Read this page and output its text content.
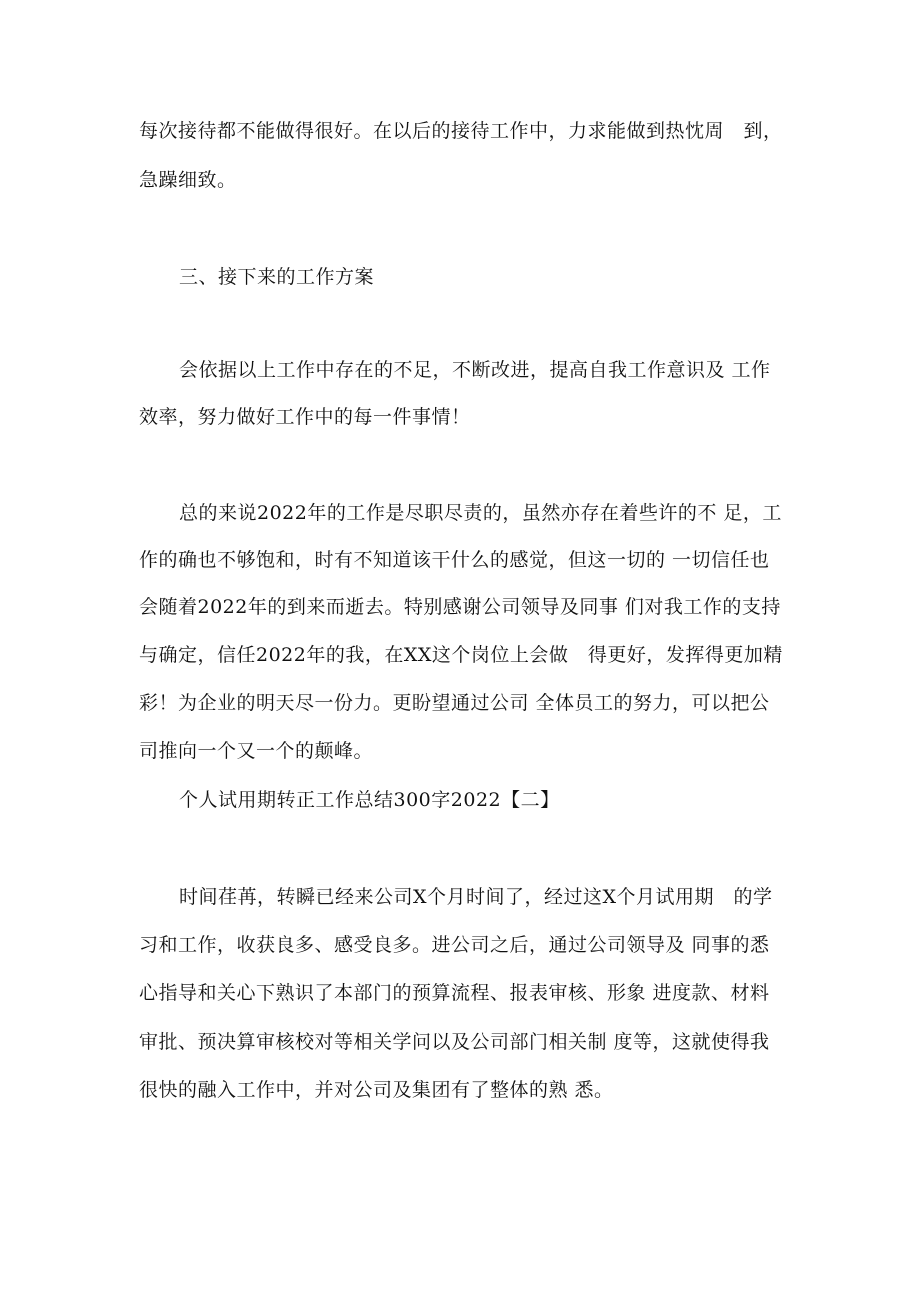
每次接待都不能做得很好。在以后的接待工作中，力求能做到热忱周　到，
急躁细致。
三、接下来的工作方案
会依据以上工作中存在的不足，不断改进，提高自我工作意识及 工作
效率，努力做好工作中的每一件事情！
总的来说2022年的工作是尽职尽责的，虽然亦存在着些许的不 足，工
作的确也不够饱和，时有不知道该干什么的感觉，但这一切的 一切信任也
会随着2022年的到来而逝去。特别感谢公司领导及同事 们对我工作的支持
与确定，信任2022年的我，在XX这个岗位上会做　得更好，发挥得更加精
彩！为企业的明天尽一份力。更盼望通过公司 全体员工的努力，可以把公
司推向一个又一个的颠峰。
个人试用期转正工作总结300字2022【二】
时间荏苒，转瞬已经来公司X个月时间了，经过这X个月试用期　的学
习和工作，收获良多、感受良多。进公司之后，通过公司领导及 同事的悉
心指导和关心下熟识了本部门的预算流程、报表审核、形象 进度款、材料
审批、预决算审核校对等相关学问以及公司部门相关制 度等，这就使得我
很快的融入工作中，并对公司及集团有了整体的熟 悉。
